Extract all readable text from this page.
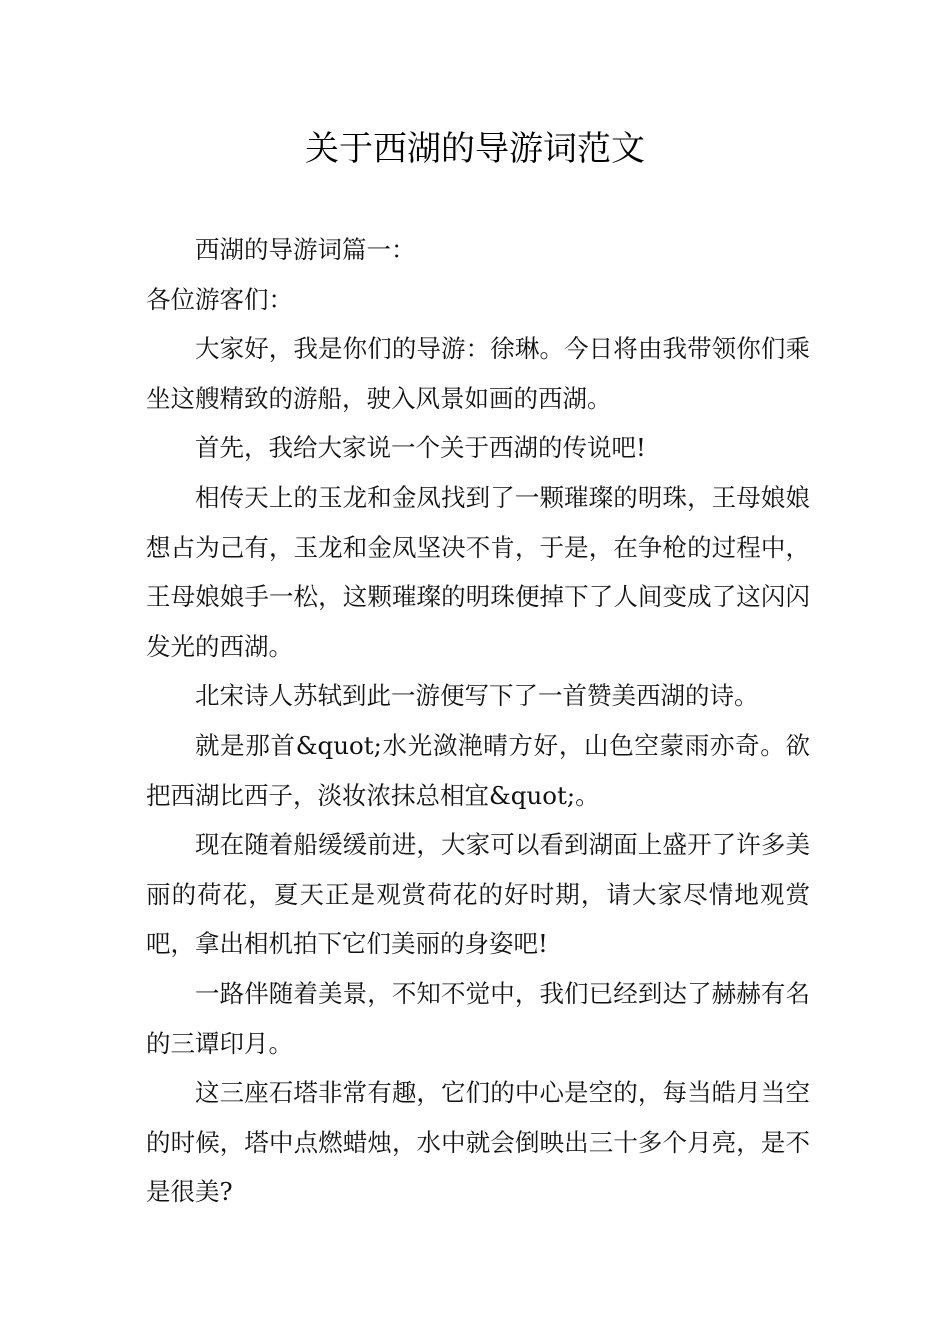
关于西湖的导游词范文

西湖的导游词篇一：

各位游客们：

大家好，我是你们的导游：徐琳。今日将由我带领你们乘坐这艘精致的游船，驶入风景如画的西湖。

首先，我给大家说一个关于西湖的传说吧!

相传天上的玉龙和金凤找到了一颗璀璨的明珠，王母娘娘想占为己有，玉龙和金凤坚决不肯，于是，在争枪的过程中，王母娘娘手一松，这颗璀璨的明珠便掉下了人间变成了这闪闪发光的西湖。

北宋诗人苏轼到此一游便写下了一首赞美西湖的诗。

就是那首&quot;水光潋滟晴方好，山色空蒙雨亦奇。欲把西湖比西子，淡妆浓抹总相宜&quot;。

现在随着船缓缓前进，大家可以看到湖面上盛开了许多美丽的荷花，夏天正是观赏荷花的好时期，请大家尽情地观赏吧，拿出相机拍下它们美丽的身姿吧!

一路伴随着美景，不知不觉中，我们已经到达了赫赫有名的三谭印月。

这三座石塔非常有趣，它们的中心是空的，每当皓月当空的时候，塔中点燃蜡烛，水中就会倒映出三十多个月亮，是不是很美?
